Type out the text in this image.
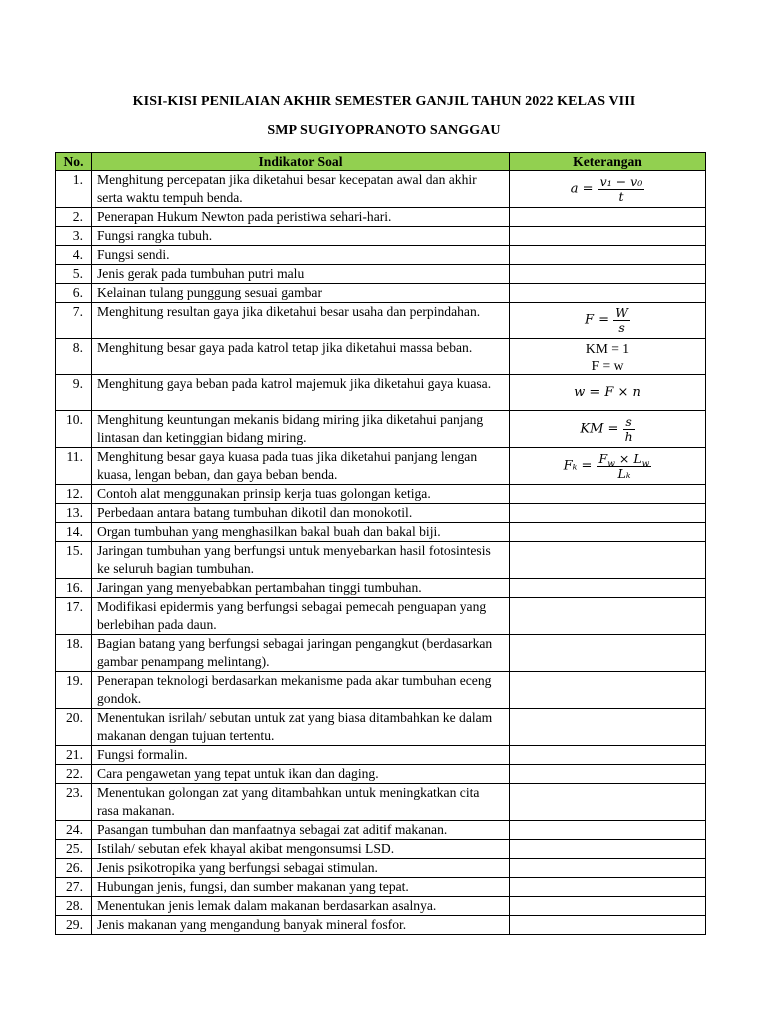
KISI-KISI PENILAIAN AKHIR SEMESTER GANJIL TAHUN 2022 KELAS VIII
SMP SUGIYOPRANOTO SANGGAU
No.	Indikator Soal	Keterangan
1.	Menghitung percepatan jika diketahui besar kecepatan awal dan akhir serta waktu tempuh benda.	$a = \frac{\text{v₁ − v₀}}{t}$

2.	Penerapan Hukum Newton pada peristiwa sehari-hari.	
3.	Fungsi rangka tubuh.	
4.	Fungsi sendi.	
5.	Jenis gerak pada tumbuhan putri malu	
6.	Kelainan tulang punggung sesuai gambar	
7.	Menghitung resultan gaya jika diketahui besar usaha dan perpindahan.	$F = \frac{W}{s}$

8.	Menghitung besar gaya pada katrol tetap jika diketahui massa beban.	KM = 1
F = w

9.	Menghitung gaya beban pada katrol majemuk jika diketahui gaya kuasa.	w = F × n
10.	Menghitung keuntungan mekanis bidang miring jika diketahui panjang lintasan dan ketinggian bidang miring.	KM = $\frac{s}{h}$

11.	Menghitung besar gaya kuasa pada tuas jika diketahui panjang lengan kuasa, lengan beban, dan gaya beban benda.	$F_k = \frac{F_w \times L_w}{\text{Lₖ}}$

12.	Contoh alat menggunakan prinsip kerja tuas golongan ketiga.	
13.	Perbedaan antara batang tumbuhan dikotil dan monokotil.	
14.	Organ tumbuhan yang menghasilkan bakal buah dan bakal biji.	
15.	Jaringan tumbuhan yang berfungsi untuk menyebarkan hasil fotosintesis ke seluruh bagian tumbuhan.	
16.	Jaringan yang menyebabkan pertambahan tinggi tumbuhan.	
17.	Modifikasi epidermis yang berfungsi sebagai pemecah penguapan yang berlebihan pada daun.	
18.	Bagian batang yang berfungsi sebagai jaringan pengangkut (berdasarkan gambar penampang melintang).	
19.	Penerapan teknologi berdasarkan mekanisme pada akar tumbuhan eceng gondok.	
20.	Menentukan isrilah/ sebutan untuk zat yang biasa ditambahkan ke dalam makanan dengan tujuan tertentu.	
21.	Fungsi formalin.	
22.	Cara pengawetan yang tepat untuk ikan dan daging.	
23.	Menentukan golongan zat yang ditambahkan untuk meningkatkan cita rasa makanan.	
24.	Pasangan tumbuhan dan manfaatnya sebagai zat aditif makanan.	
25.	Istilah/ sebutan efek khayal akibat mengonsumsi LSD.	
26.	Jenis psikotropika yang berfungsi sebagai stimulan.	
27.	Hubungan jenis, fungsi, dan sumber makanan yang tepat.	
28.	Menentukan jenis lemak dalam makanan berdasarkan asalnya.	
29.	Jenis makanan yang mengandung banyak mineral fosfor.	
